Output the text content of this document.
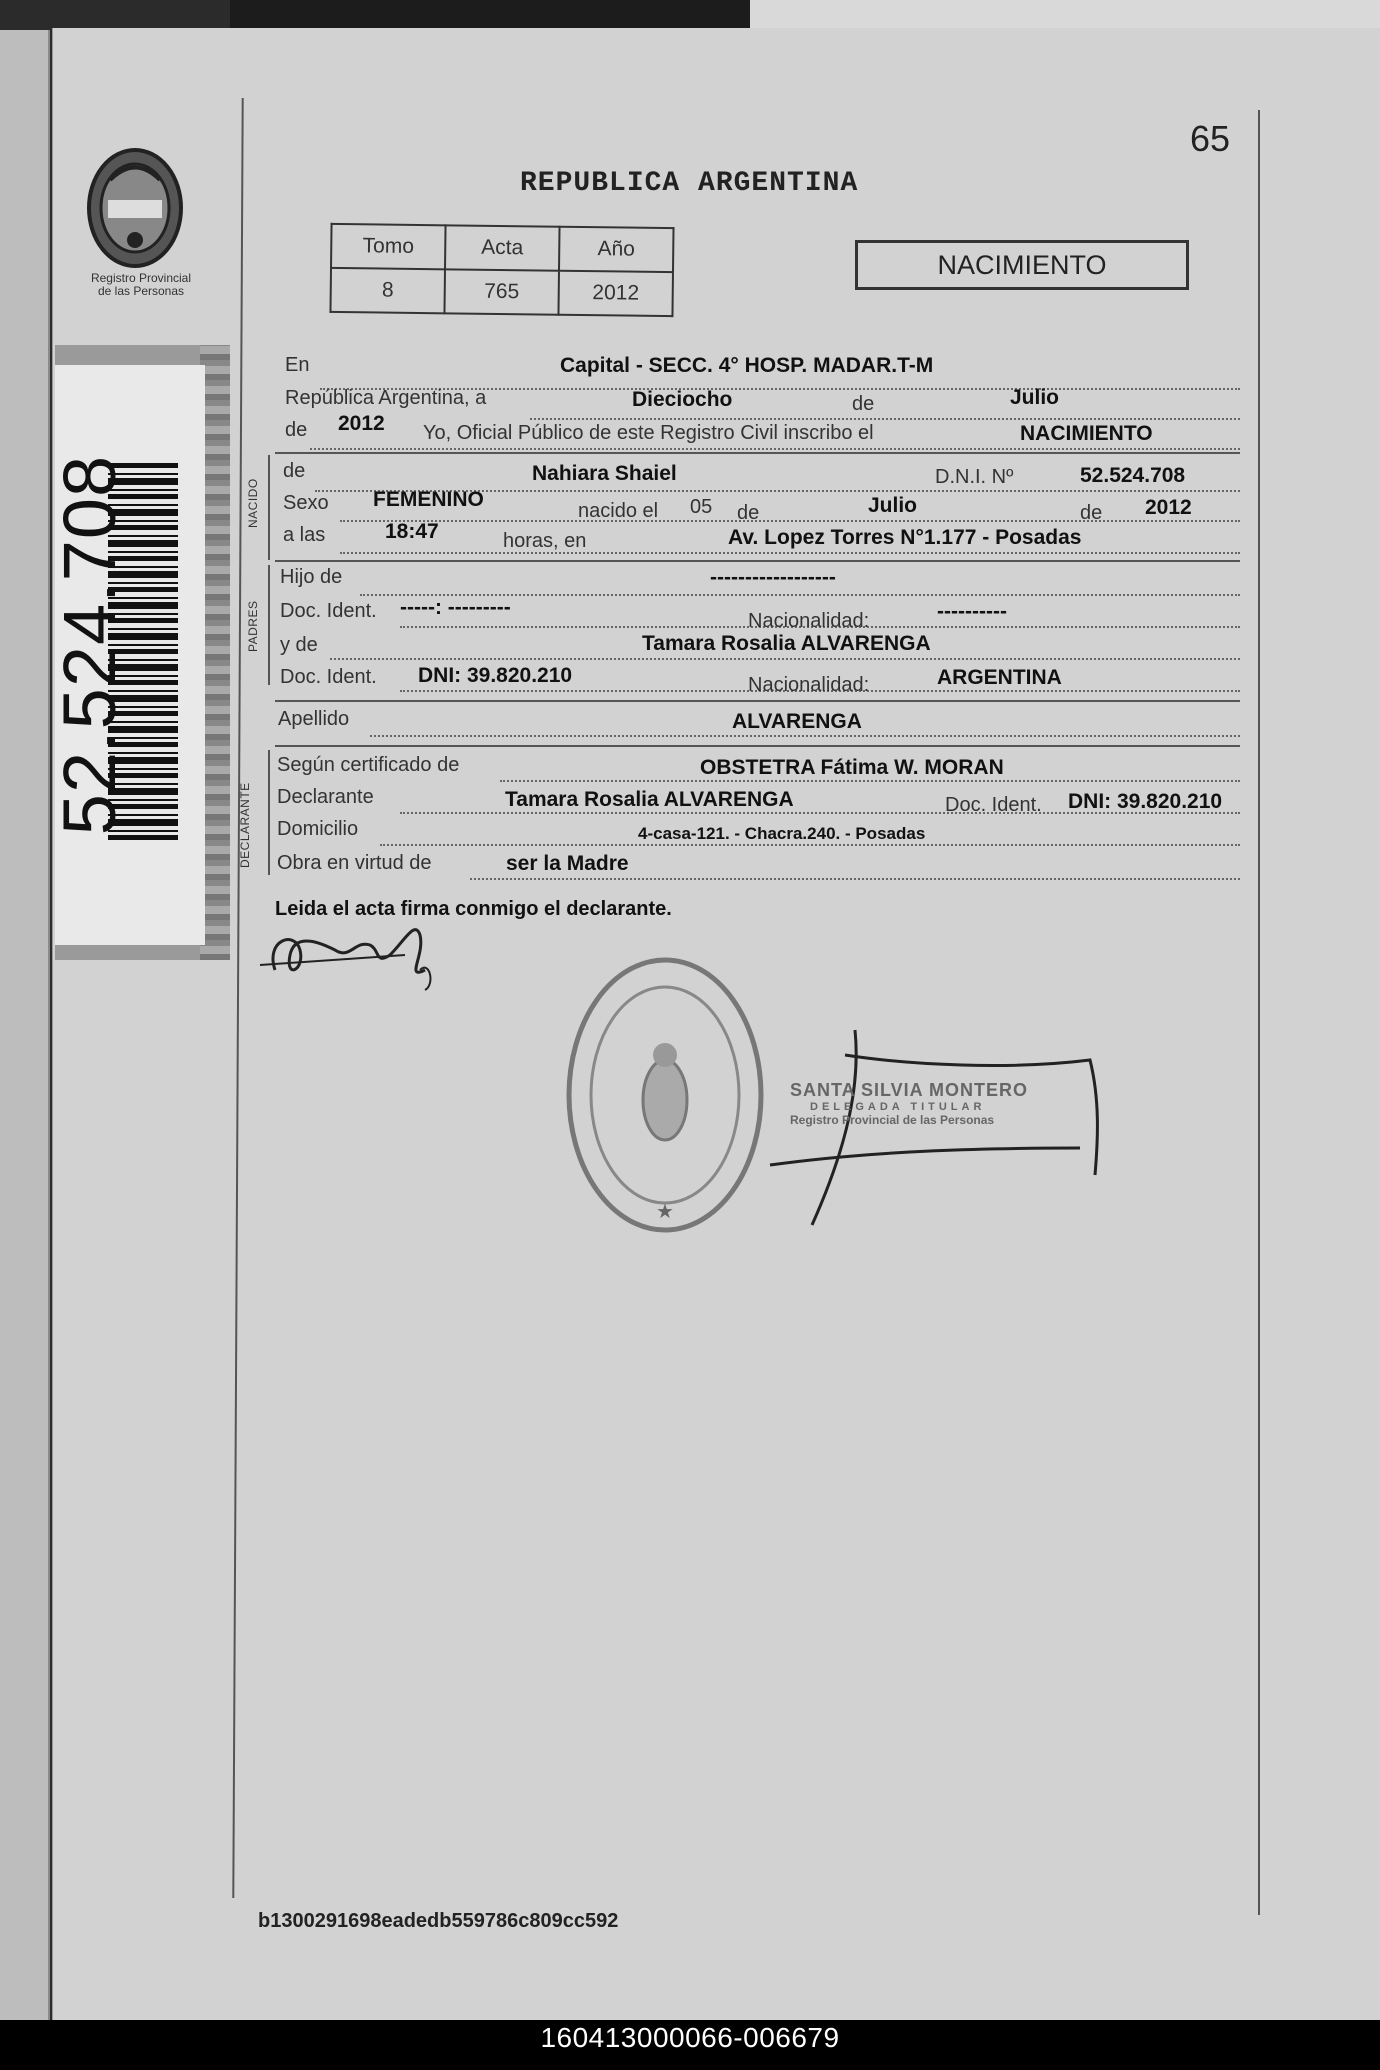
Registro Provincial
de las Personas
52.524.708
65
REPUBLICA ARGENTINA
Tomo	Acta	Año
8	765	2012
NACIMIENTO
En	Capital - SECC. 4° HOSP. MADAR.T-M
República Argentina, a	Dieciocho	de	Julio
de 2012 Yo, Oficial Público de este Registro Civil inscribo el	NACIMIENTO
NACIDO
de	Nahiara Shaiel	D.N.I. Nº	52.524.708
Sexo FEMENINO	nacido el 05 de	Julio	de 2012
a las	18:47	horas, en	Av. Lopez Torres N°1.177 - Posadas
PADRES
Hijo de	------------------
Doc. Ident. -----: ---------
Nacionalidad:	----------
y de	Tamara Rosalia ALVARENGA
Doc. Ident. DNI: 39.820.210	Nacionalidad:	ARGENTINA
Apellido	ALVARENGA
DECLARANTE
Según certificado de	OBSTETRA Fátima W. MORAN
Declarante	Tamara Rosalia ALVARENGA	Doc. Ident. DNI: 39.820.210
Domicilio	4-casa-121. - Chacra.240. - Posadas
Obra en virtud de	ser la Madre
Leida el acta firma conmigo el declarante.
★
SANTA SILVIA MONTERO
DELEGADA TITULAR
Registro Provincial de las Personas
b1300291698eadedb559786c809cc592
160413000066-006679
